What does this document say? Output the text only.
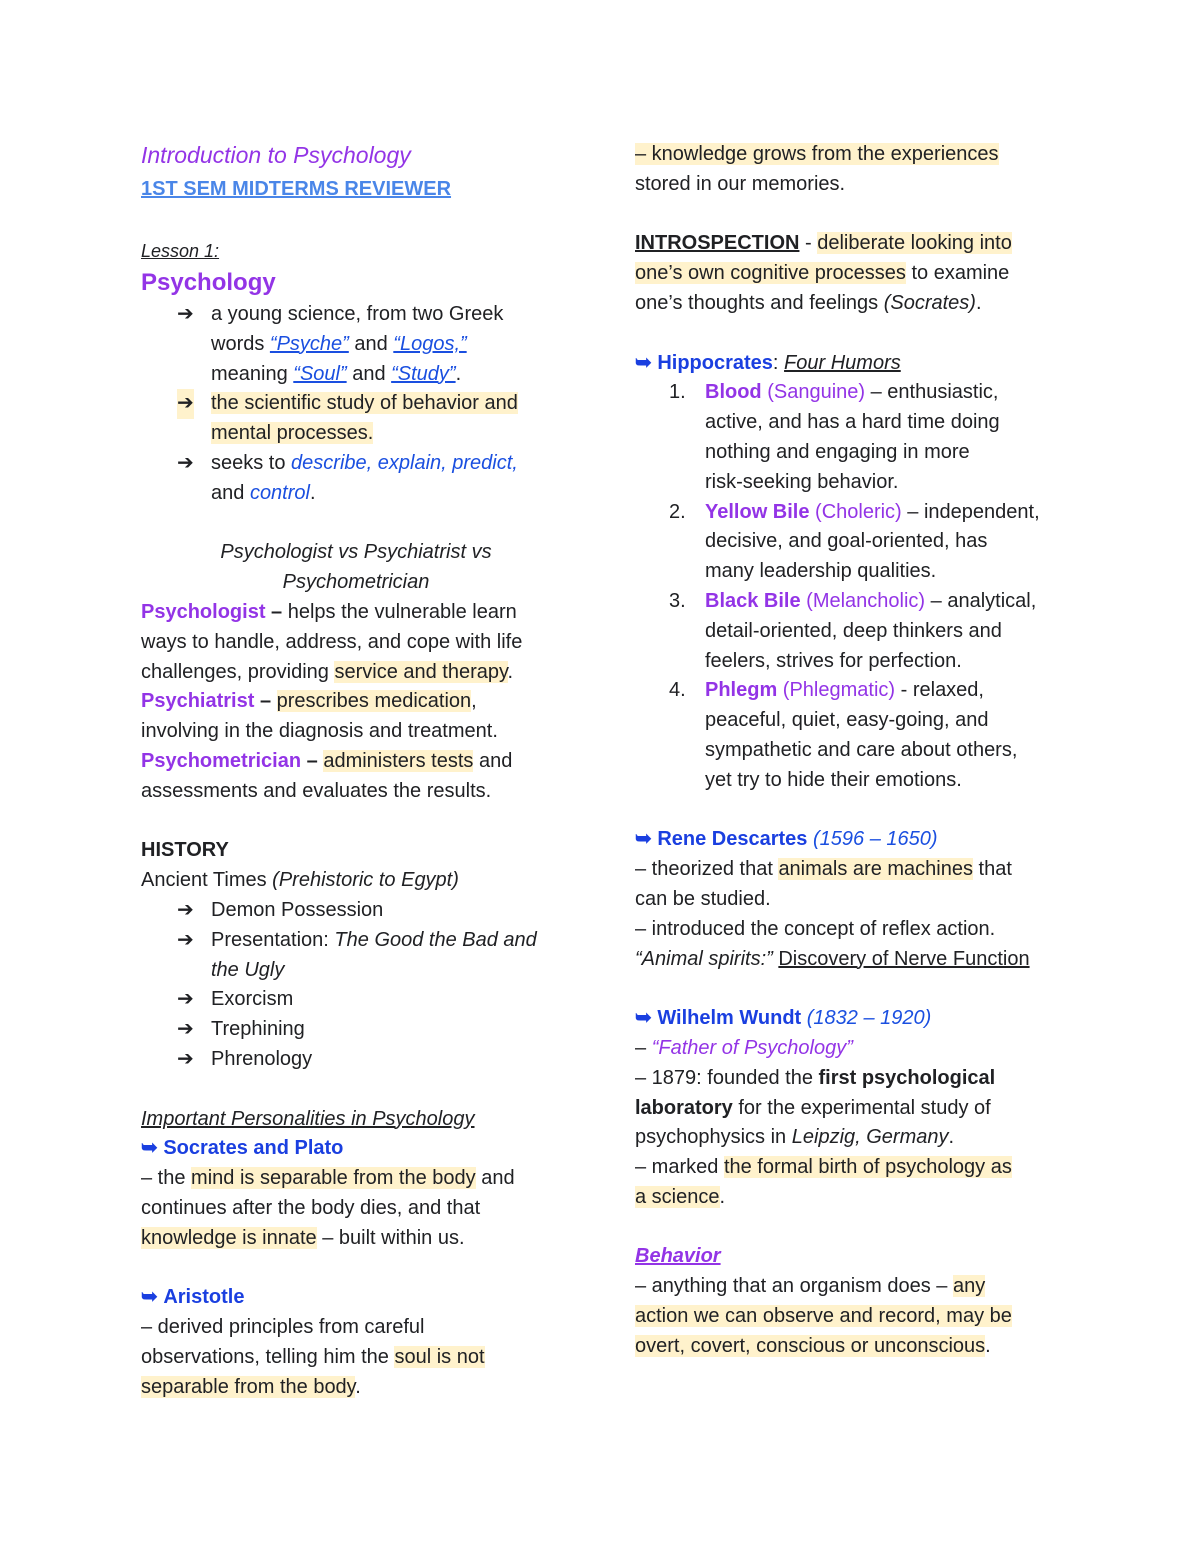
Introduction to Psychology
1ST SEM MIDTERMS REVIEWER
Lesson 1:
Psychology
➔ a young science, from two Greek
words “Psyche” and “Logos,”
meaning “Soul” and “Study”.
➔ the scientific study of behavior and
mental processes.
➔ seeks to describe, explain, predict,
and control.
Psychologist vs Psychiatrist vs
Psychometrician
Psychologist – helps the vulnerable learn
ways to handle, address, and cope with life
challenges, providing service and therapy.
Psychiatrist – prescribes medication,
involving in the diagnosis and treatment.
Psychometrician – administers tests and
assessments and evaluates the results.
HISTORY
Ancient Times (Prehistoric to Egypt)
➔ Demon Possession
➔ Presentation: The Good the Bad and
the Ugly
➔ Exorcism
➔ Trephining
➔ Phrenology
Important Personalities in Psychology
➥ Socrates and Plato
– the mind is separable from the body and
continues after the body dies, and that
knowledge is innate – built within us.
➥ Aristotle
– derived principles from careful
observations, telling him the soul is not
separable from the body.
– knowledge grows from the experiences
stored in our memories.
INTROSPECTION - deliberate looking into
one’s own cognitive processes to examine
one’s thoughts and feelings (Socrates).
➥ Hippocrates: Four Humors
1. Blood (Sanguine) – enthusiastic,
active, and has a hard time doing
nothing and engaging in more
risk-seeking behavior.
2. Yellow Bile (Choleric) – independent,
decisive, and goal-oriented, has
many leadership qualities.
3. Black Bile (Melancholic) – analytical,
detail-oriented, deep thinkers and
feelers, strives for perfection.
4. Phlegm (Phlegmatic) - relaxed,
peaceful, quiet, easy-going, and
sympathetic and care about others,
yet try to hide their emotions.
➥ Rene Descartes (1596 – 1650)
– theorized that animals are machines that
can be studied.
– introduced the concept of reflex action.
“Animal spirits:” Discovery of Nerve Function
➥ Wilhelm Wundt (1832 – 1920)
– “Father of Psychology”
– 1879: founded the first psychological
laboratory for the experimental study of
psychophysics in Leipzig, Germany.
– marked the formal birth of psychology as
a science.
Behavior
– anything that an organism does – any
action we can observe and record, may be
overt, covert, conscious or unconscious.
